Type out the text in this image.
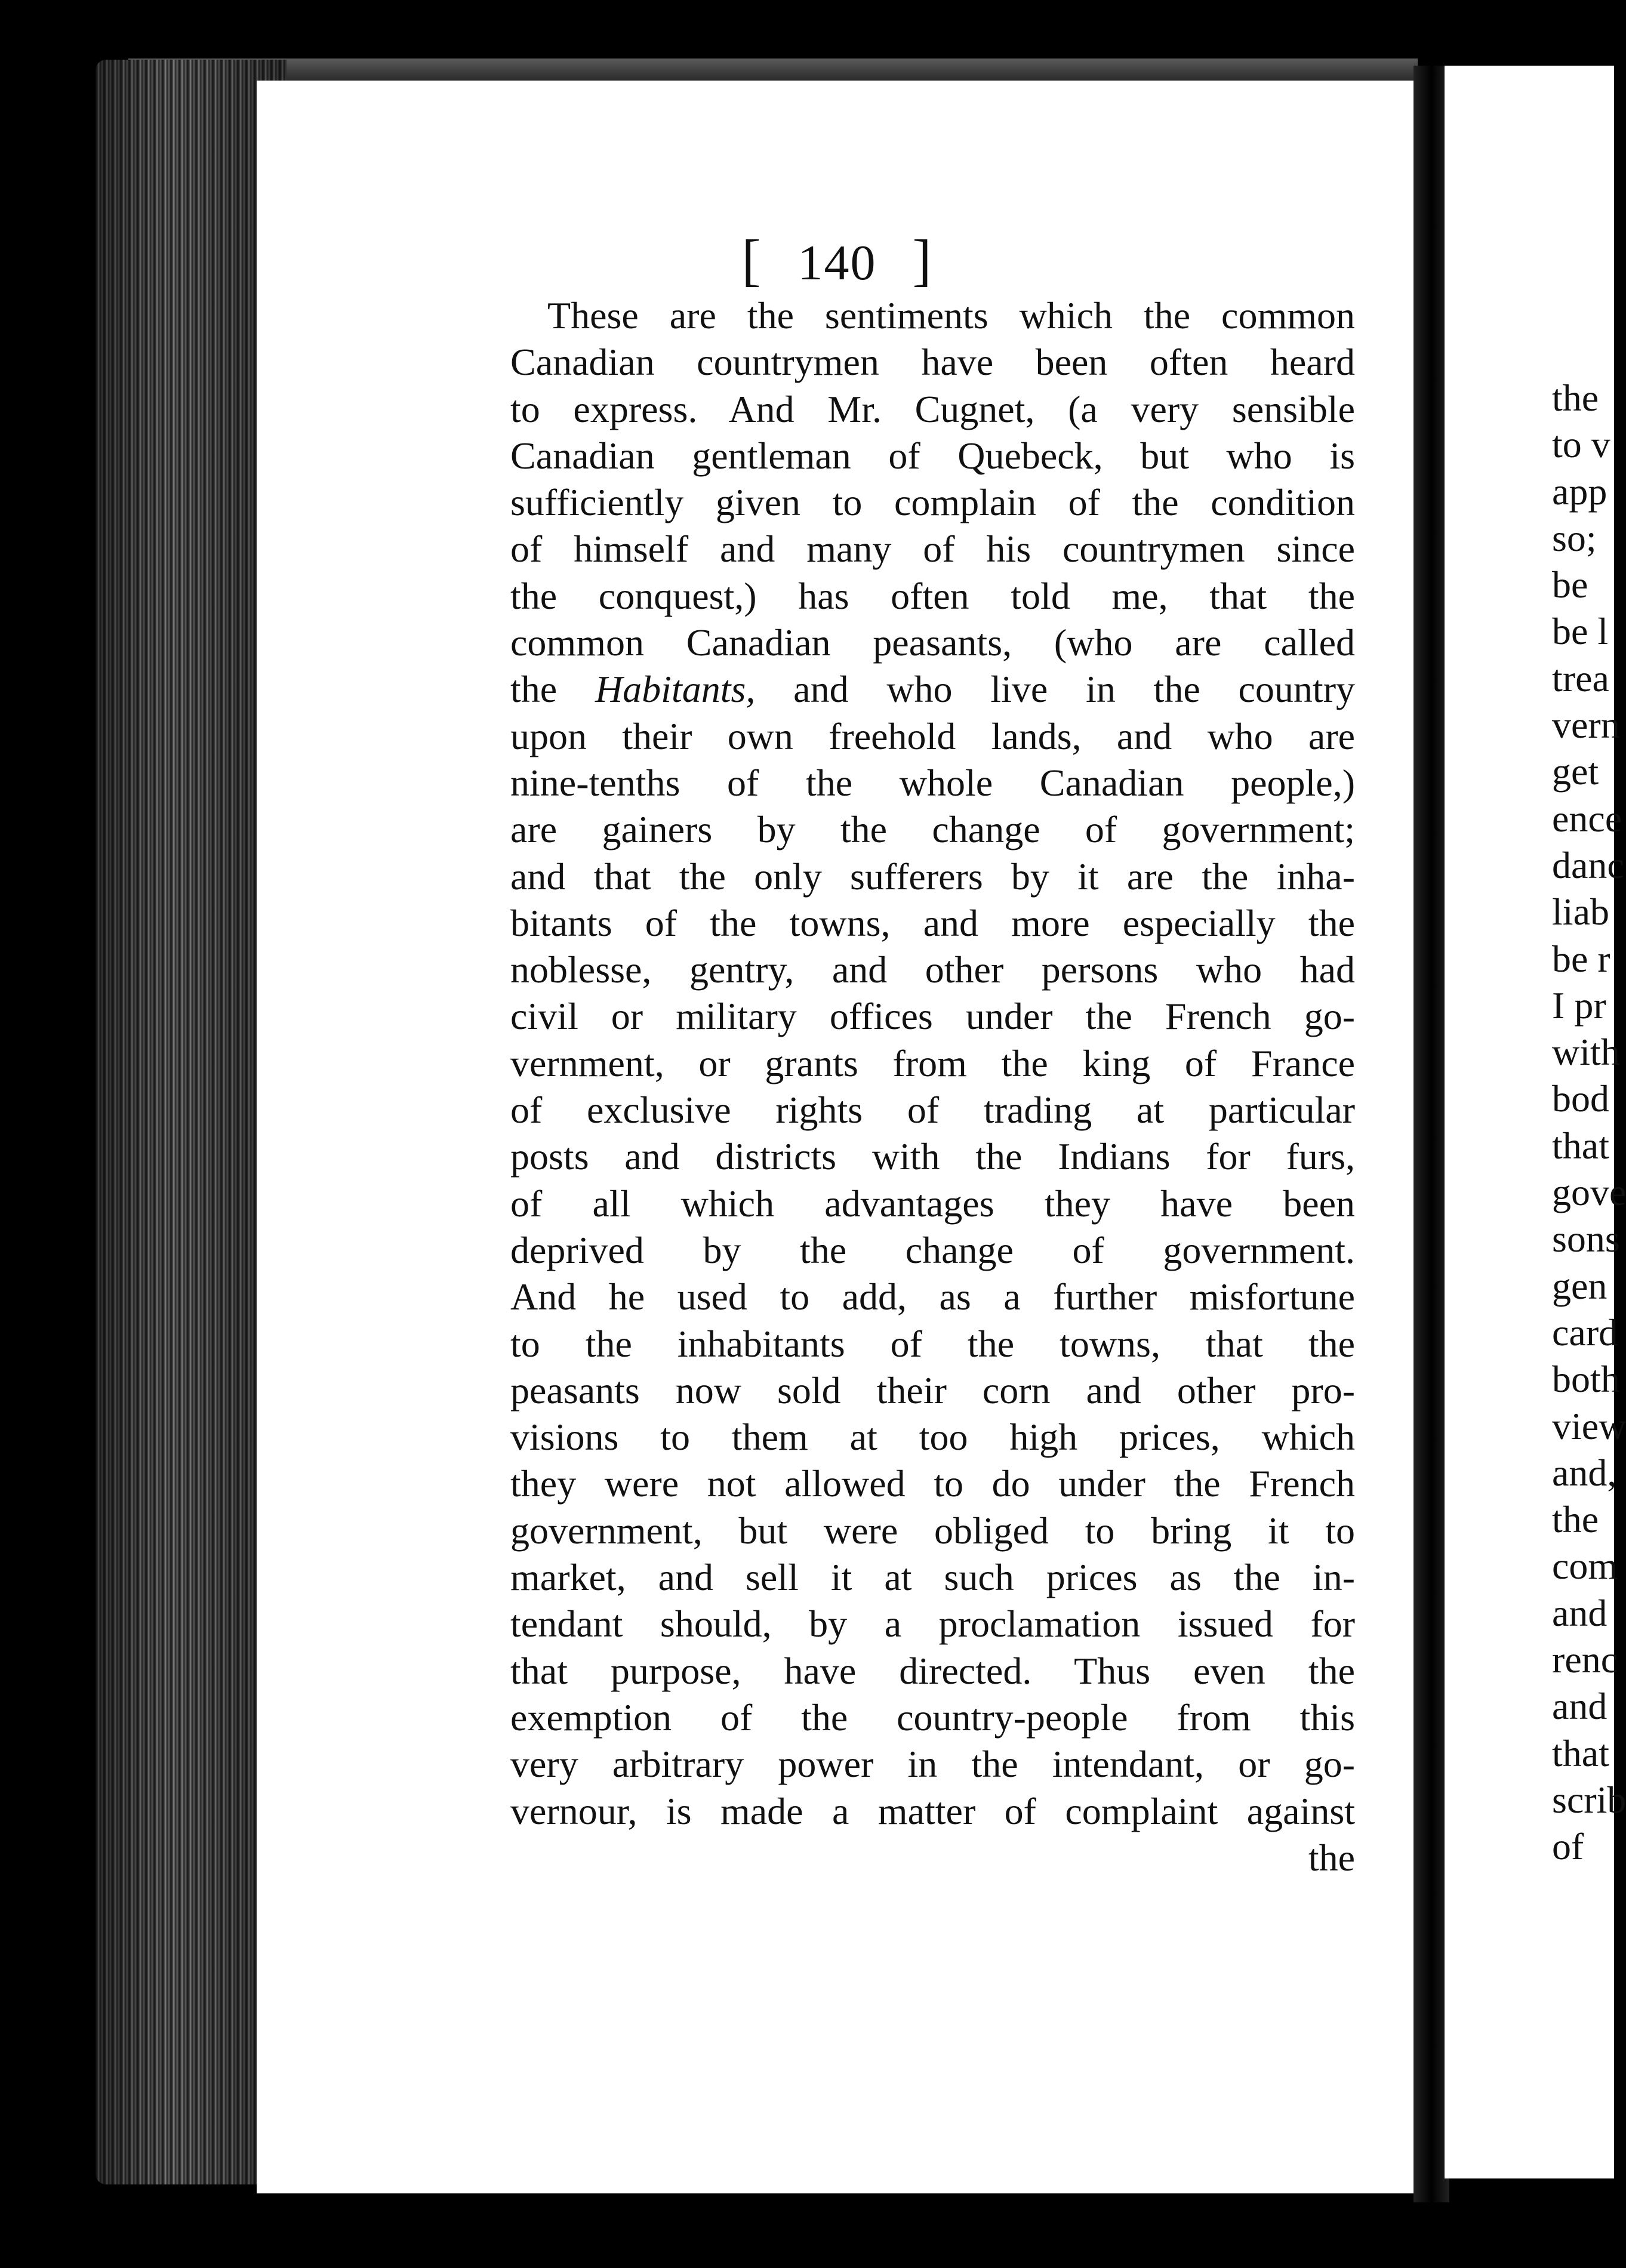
[ 140 ]
These are the sentiments which the common
Canadian countrymen have been often heard
to express. And Mr. Cugnet, (a very sensible
Canadian gentleman of Quebeck, but who is
sufficiently given to complain of the condition
of himself and many of his countrymen since
the conquest,) has often told me, that the
common Canadian peasants, (who are called
the Habitants, and who live in the country
upon their own freehold lands, and who are
nine-tenths of the whole Canadian people,)
are gainers by the change of government;
and that the only sufferers by it are the inha-
bitants of the towns, and more especially the
noblesse, gentry, and other persons who had
civil or military offices under the French go-
vernment, or grants from the king of France
of exclusive rights of trading at particular
posts and districts with the Indians for furs,
of all which advantages they have been
deprived by the change of government.
And he used to add, as a further misfortune
to the inhabitants of the towns, that the
peasants now sold their corn and other pro-
visions to them at too high prices, which
they were not allowed to do under the French
government, but were obliged to bring it to
market, and sell it at such prices as the in-
tendant should, by a proclamation issued for
that purpose, have directed. Thus even the
exemption of the country-people from this
very arbitrary power in the intendant, or go-
vernour, is made a matter of complaint against
the
the
to v
app
so;
be
be l
trea
vern
get
ence
danc
liab
be r
I pr
with
bod
that
gove
sons
gen
card
both
view
and,
the
com
and
renc
and
that
scrib
of
